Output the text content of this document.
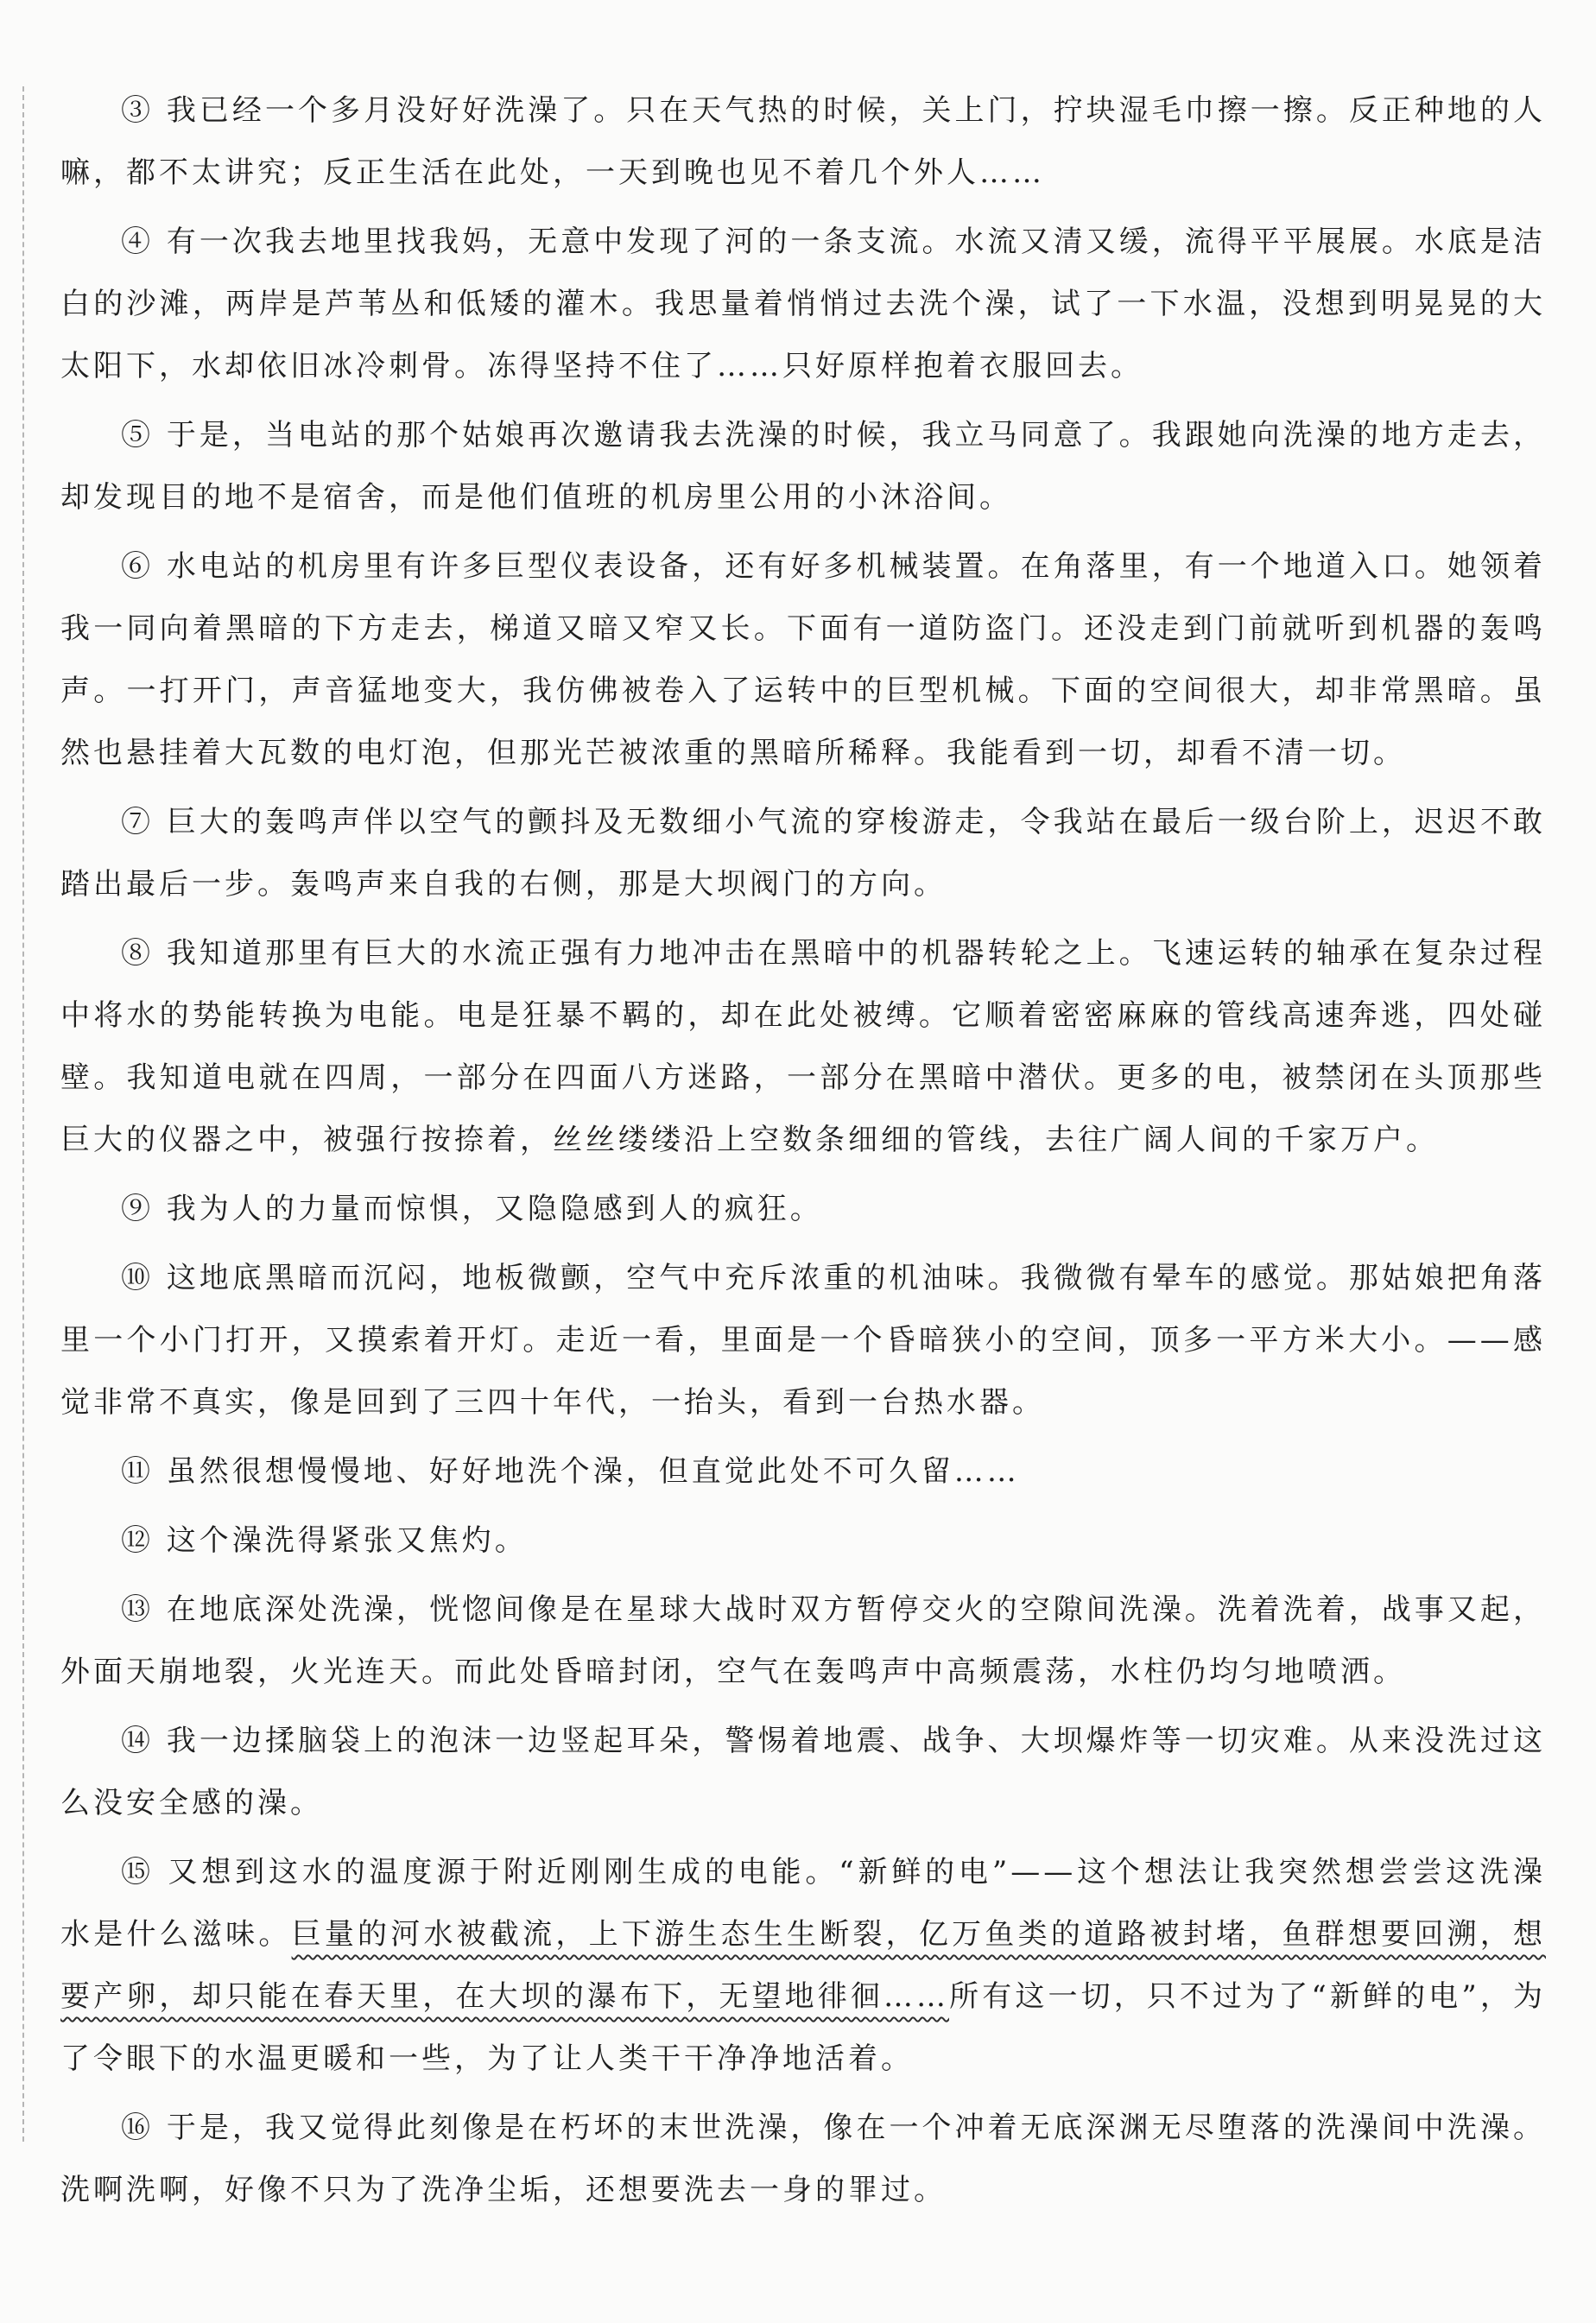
③ 我已经一个多月没好好洗澡了。只在天气热的时候，关上门，拧块湿毛巾擦一擦。反正种地的人嘛，都不太讲究；反正生活在此处，一天到晚也见不着几个外人……

④ 有一次我去地里找我妈，无意中发现了河的一条支流。水流又清又缓，流得平平展展。水底是洁白的沙滩，两岸是芦苇丛和低矮的灌木。我思量着悄悄过去洗个澡，试了一下水温，没想到明晃晃的大太阳下，水却依旧冰冷刺骨。冻得坚持不住了……只好原样抱着衣服回去。

⑤ 于是，当电站的那个姑娘再次邀请我去洗澡的时候，我立马同意了。我跟她向洗澡的地方走去，却发现目的地不是宿舍，而是他们值班的机房里公用的小沐浴间。

⑥ 水电站的机房里有许多巨型仪表设备，还有好多机械装置。在角落里，有一个地道入口。她领着我一同向着黑暗的下方走去，梯道又暗又窄又长。下面有一道防盗门。还没走到门前就听到机器的轰鸣声。一打开门，声音猛地变大，我仿佛被卷入了运转中的巨型机械。下面的空间很大，却非常黑暗。虽然也悬挂着大瓦数的电灯泡，但那光芒被浓重的黑暗所稀释。我能看到一切，却看不清一切。

⑦ 巨大的轰鸣声伴以空气的颤抖及无数细小气流的穿梭游走，令我站在最后一级台阶上，迟迟不敢踏出最后一步。轰鸣声来自我的右侧，那是大坝阀门的方向。

⑧ 我知道那里有巨大的水流正强有力地冲击在黑暗中的机器转轮之上。飞速运转的轴承在复杂过程中将水的势能转换为电能。电是狂暴不羁的，却在此处被缚。它顺着密密麻麻的管线高速奔逃，四处碰壁。我知道电就在四周，一部分在四面八方迷路，一部分在黑暗中潜伏。更多的电，被禁闭在头顶那些巨大的仪器之中，被强行按捺着，丝丝缕缕沿上空数条细细的管线，去往广阔人间的千家万户。

⑨ 我为人的力量而惊惧，又隐隐感到人的疯狂。

⑩ 这地底黑暗而沉闷，地板微颤，空气中充斥浓重的机油味。我微微有晕车的感觉。那姑娘把角落里一个小门打开，又摸索着开灯。走近一看，里面是一个昏暗狭小的空间，顶多一平方米大小。——感觉非常不真实，像是回到了三四十年代，一抬头，看到一台热水器。

⑪ 虽然很想慢慢地、好好地洗个澡，但直觉此处不可久留……

⑫ 这个澡洗得紧张又焦灼。

⑬ 在地底深处洗澡，恍惚间像是在星球大战时双方暂停交火的空隙间洗澡。洗着洗着，战事又起，外面天崩地裂，火光连天。而此处昏暗封闭，空气在轰鸣声中高频震荡，水柱仍均匀地喷洒。

⑭ 我一边揉脑袋上的泡沫一边竖起耳朵，警惕着地震、战争、大坝爆炸等一切灾难。从来没洗过这么没安全感的澡。

⑮ 又想到这水的温度源于附近刚刚生成的电能。“新鲜的电”——这个想法让我突然想尝尝这洗澡水是什么滋味。巨量的河水被截流，上下游生态生生断裂，亿万鱼类的道路被封堵，鱼群想要回溯，想要产卵，却只能在春天里，在大坝的瀑布下，无望地徘徊……所有这一切，只不过为了“新鲜的电”，为了令眼下的水温更暖和一些，为了让人类干干净净地活着。

⑯ 于是，我又觉得此刻像是在朽坏的末世洗澡，像在一个冲着无底深渊无尽堕落的洗澡间中洗澡。洗啊洗啊，好像不只为了洗净尘垢，还想要洗去一身的罪过。
